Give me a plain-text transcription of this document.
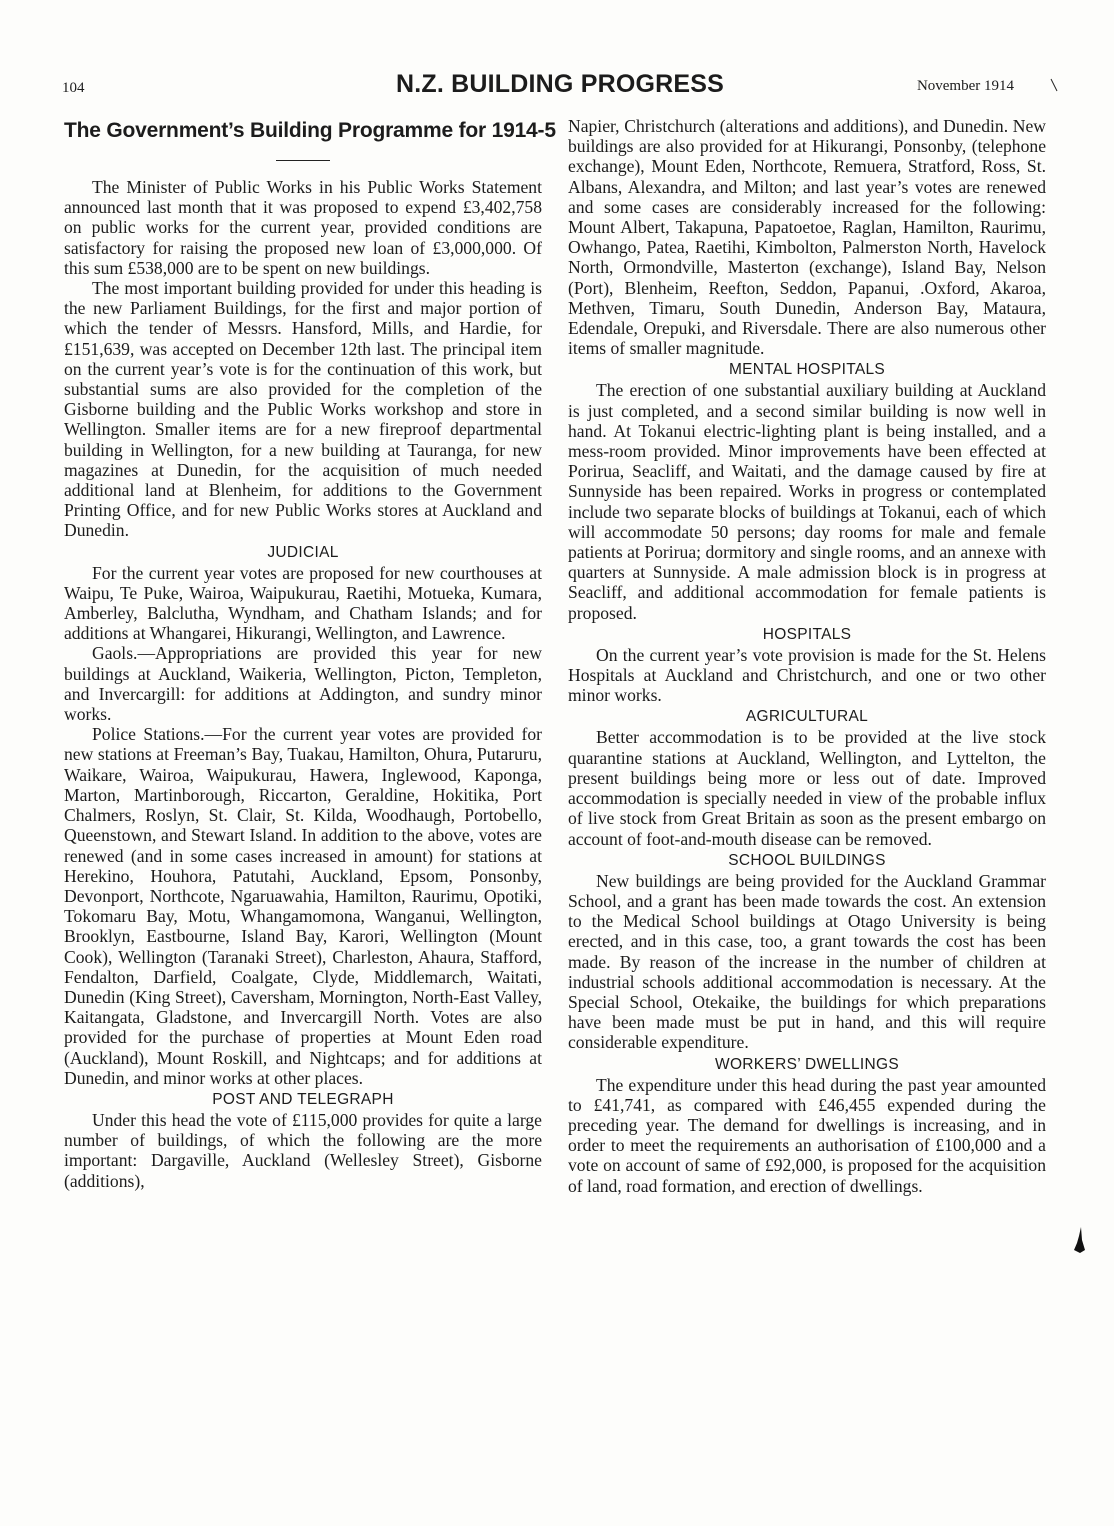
104	N.Z. BUILDING PROGRESS	November 1914
The Government’s Building Programme for 1914-5

The Minister of Public Works in his Public Works Statement announced last month that it was proposed to expend £3,402,758 on public works for the current year, provided conditions are satisfactory for raising the proposed new loan of £3,000,000. Of this sum £538,000 are to be spent on new buildings.

The most important building provided for under this heading is the new Parliament Buildings, for the first and major portion of which the tender of Messrs. Hansford, Mills, and Hardie, for £151,639, was accepted on December 12th last. The principal item on the current year’s vote is for the continuation of this work, but substantial sums are also provided for the completion of the Gisborne building and the Public Works workshop and store in Wellington. Smaller items are for a new fireproof departmental building in Wellington, for a new building at Tauranga, for new magazines at Dunedin, for the acquisition of much needed additional land at Blenheim, for additions to the Government Printing Office, and for new Public Works stores at Auckland and Dunedin.

JUDICIAL

For the current year votes are proposed for new courthouses at Waipu, Te Puke, Wairoa, Waipukurau, Raetihi, Motueka, Kumara, Amberley, Balclutha, Wyndham, and Chatham Islands; and for additions at Whangarei, Hikurangi, Wellington, and Lawrence.

Gaols.—Appropriations are provided this year for new buildings at Auckland, Waikeria, Wellington, Picton, Templeton, and Invercargill: for additions at Addington, and sundry minor works.

Police Stations.—For the current year votes are provided for new stations at Freeman’s Bay, Tuakau, Hamilton, Ohura, Putaruru, Waikare, Wairoa, Waipukurau, Hawera, Inglewood, Kaponga, Marton, Martinborough, Riccarton, Geraldine, Hokitika, Port Chalmers, Roslyn, St. Clair, St. Kilda, Woodhaugh, Portobello, Queenstown, and Stewart Island. In addition to the above, votes are renewed (and in some cases increased in amount) for stations at Herekino, Houhora, Patutahi, Auckland, Epsom, Ponsonby, Devonport, Northcote, Ngaruawahia, Hamilton, Raurimu, Opotiki, Tokomaru Bay, Motu, Whangamomona, Wanganui, Wellington, Brooklyn, Eastbourne, Island Bay, Karori, Wellington (Mount Cook), Wellington (Taranaki Street), Charleston, Ahaura, Stafford, Fendalton, Darfield, Coalgate, Clyde, Middlemarch, Waitati, Dunedin (King Street), Caversham, Mornington, North-East Valley, Kaitangata, Gladstone, and Invercargill North. Votes are also provided for the purchase of properties at Mount Eden road (Auckland), Mount Roskill, and Nightcaps; and for additions at Dunedin, and minor works at other places.

POST AND TELEGRAPH

Under this head the vote of £115,000 provides for quite a large number of buildings, of which the following are the more important: Dargaville, Auckland (Wellesley Street), Gisborne (additions),

Napier, Christchurch (alterations and additions), and Dunedin. New buildings are also provided for at Hikurangi, Ponsonby, (telephone exchange), Mount Eden, Northcote, Remuera, Stratford, Ross, St. Albans, Alexandra, and Milton; and last year’s votes are renewed and some cases are considerably increased for the following: Mount Albert, Takapuna, Papatoetoe, Raglan, Hamilton, Raurimu, Owhango, Patea, Raetihi, Kimbolton, Palmerston North, Havelock North, Ormondville, Masterton (exchange), Island Bay, Nelson (Port), Blenheim, Reefton, Seddon, Papanui, .Oxford, Akaroa, Methven, Timaru, South Dunedin, Anderson Bay, Mataura, Edendale, Orepuki, and Riversdale. There are also numerous other items of smaller magnitude.

MENTAL HOSPITALS

The erection of one substantial auxiliary building at Auckland is just completed, and a second similar building is now well in hand. At Tokanui electric-lighting plant is being installed, and a mess-room provided. Minor improvements have been effected at Porirua, Seacliff, and Waitati, and the damage caused by fire at Sunnyside has been repaired. Works in progress or contemplated include two separate blocks of buildings at Tokanui, each of which will accommodate 50 persons; day rooms for male and female patients at Porirua; dormitory and single rooms, and an annexe with quarters at Sunnyside. A male admission block is in progress at Seacliff, and additional accommodation for female patients is proposed.

HOSPITALS

On the current year’s vote provision is made for the St. Helens Hospitals at Auckland and Christchurch, and one or two other minor works.

AGRICULTURAL

Better accommodation is to be provided at the live stock quarantine stations at Auckland, Wellington, and Lyttelton, the present buildings being more or less out of date. Improved accommodation is specially needed in view of the probable influx of live stock from Great Britain as soon as the present embargo on account of foot-and-mouth disease can be removed.

SCHOOL BUILDINGS

New buildings are being provided for the Auckland Grammar School, and a grant has been made towards the cost. An extension to the Medical School buildings at Otago University is being erected, and in this case, too, a grant towards the cost has been made. By reason of the increase in the number of children at industrial schools additional accommodation is necessary. At the Special School, Otekaike, the buildings for which preparations have been made must be put in hand, and this will require considerable expenditure.

WORKERS’ DWELLINGS

The expenditure under this head during the past year amounted to £41,741, as compared with £46,455 expended during the preceding year. The demand for dwellings is increasing, and in order to meet the requirements an authorisation of £100,000 and a vote on account of same of £92,000, is proposed for the acquisition of land, road formation, and erection of dwellings.
